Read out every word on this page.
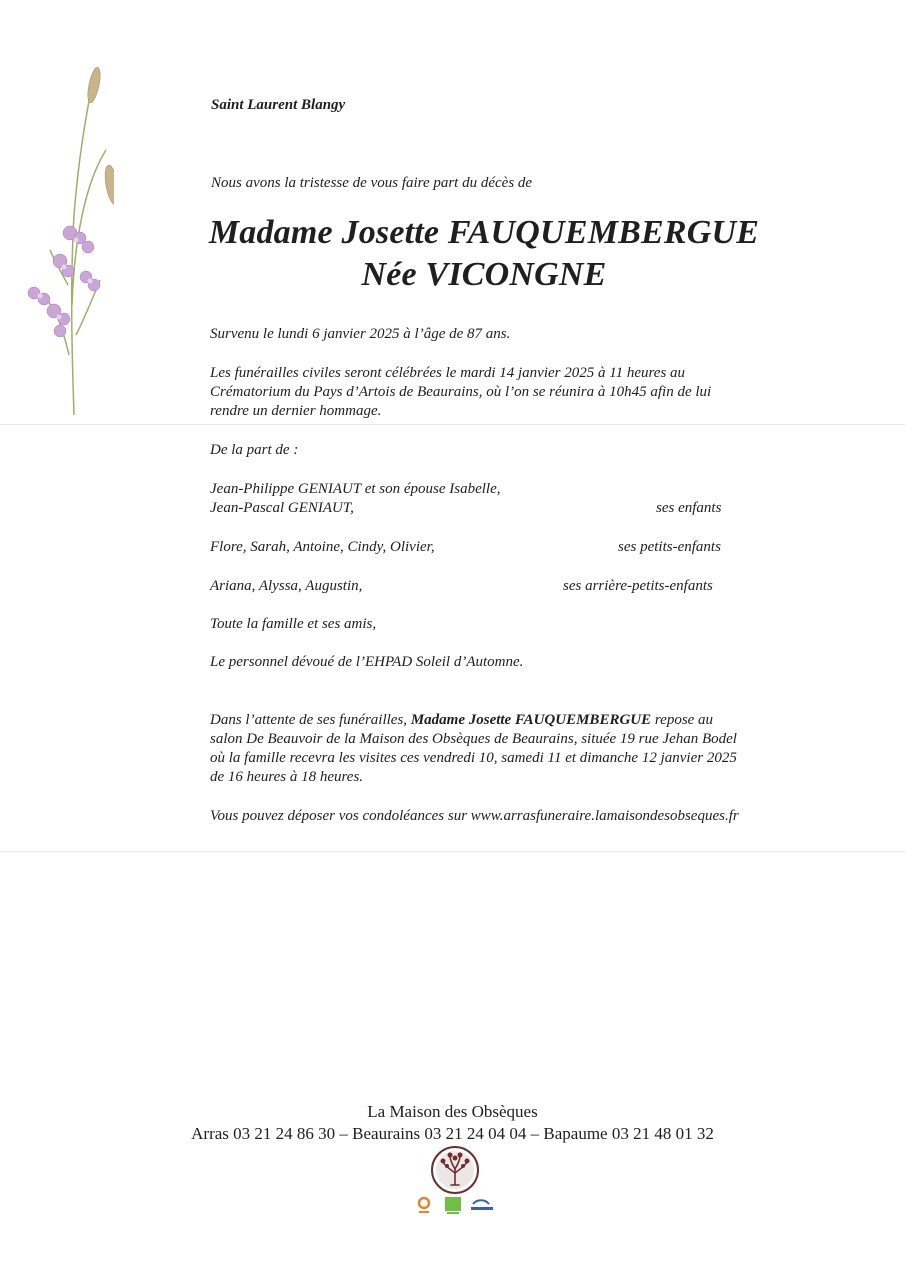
Saint Laurent Blangy
Nous avons la tristesse de vous faire part du décès de
Madame Josette FAUQUEMBERGUE
Née VICONGNE
Survenu le lundi 6 janvier 2025 à l’âge de 87 ans.
Les funérailles civiles seront célébrées le mardi 14 janvier 2025 à 11 heures au
Crématorium du Pays d’Artois de Beaurains, où l’on se réunira à 10h45 afin de lui
rendre un dernier hommage.
De la part de :
Jean-Philippe GENIAUT et son épouse Isabelle,
Jean-Pascal GENIAUT,	ses enfants
Flore, Sarah, Antoine, Cindy, Olivier,	ses petits-enfants
Ariana, Alyssa, Augustin,	ses arrière-petits-enfants
Toute la famille et ses amis,
Le personnel dévoué de l’EHPAD Soleil d’Automne.
Dans l’attente de ses funérailles, Madame Josette FAUQUEMBERGUE repose au
salon De Beauvoir de la Maison des Obsèques de Beaurains, située 19 rue Jehan Bodel
où la famille recevra les visites ces vendredi 10, samedi 11 et dimanche 12 janvier 2025
de 16 heures à 18 heures.
Vous pouvez déposer vos condoléances sur www.arrasfuneraire.lamaisondesobseques.fr
La Maison des Obsèques
Arras 03 21 24 86 30 – Beaurains 03 21 24 04 04 – Bapaume 03 21 48 01 32
